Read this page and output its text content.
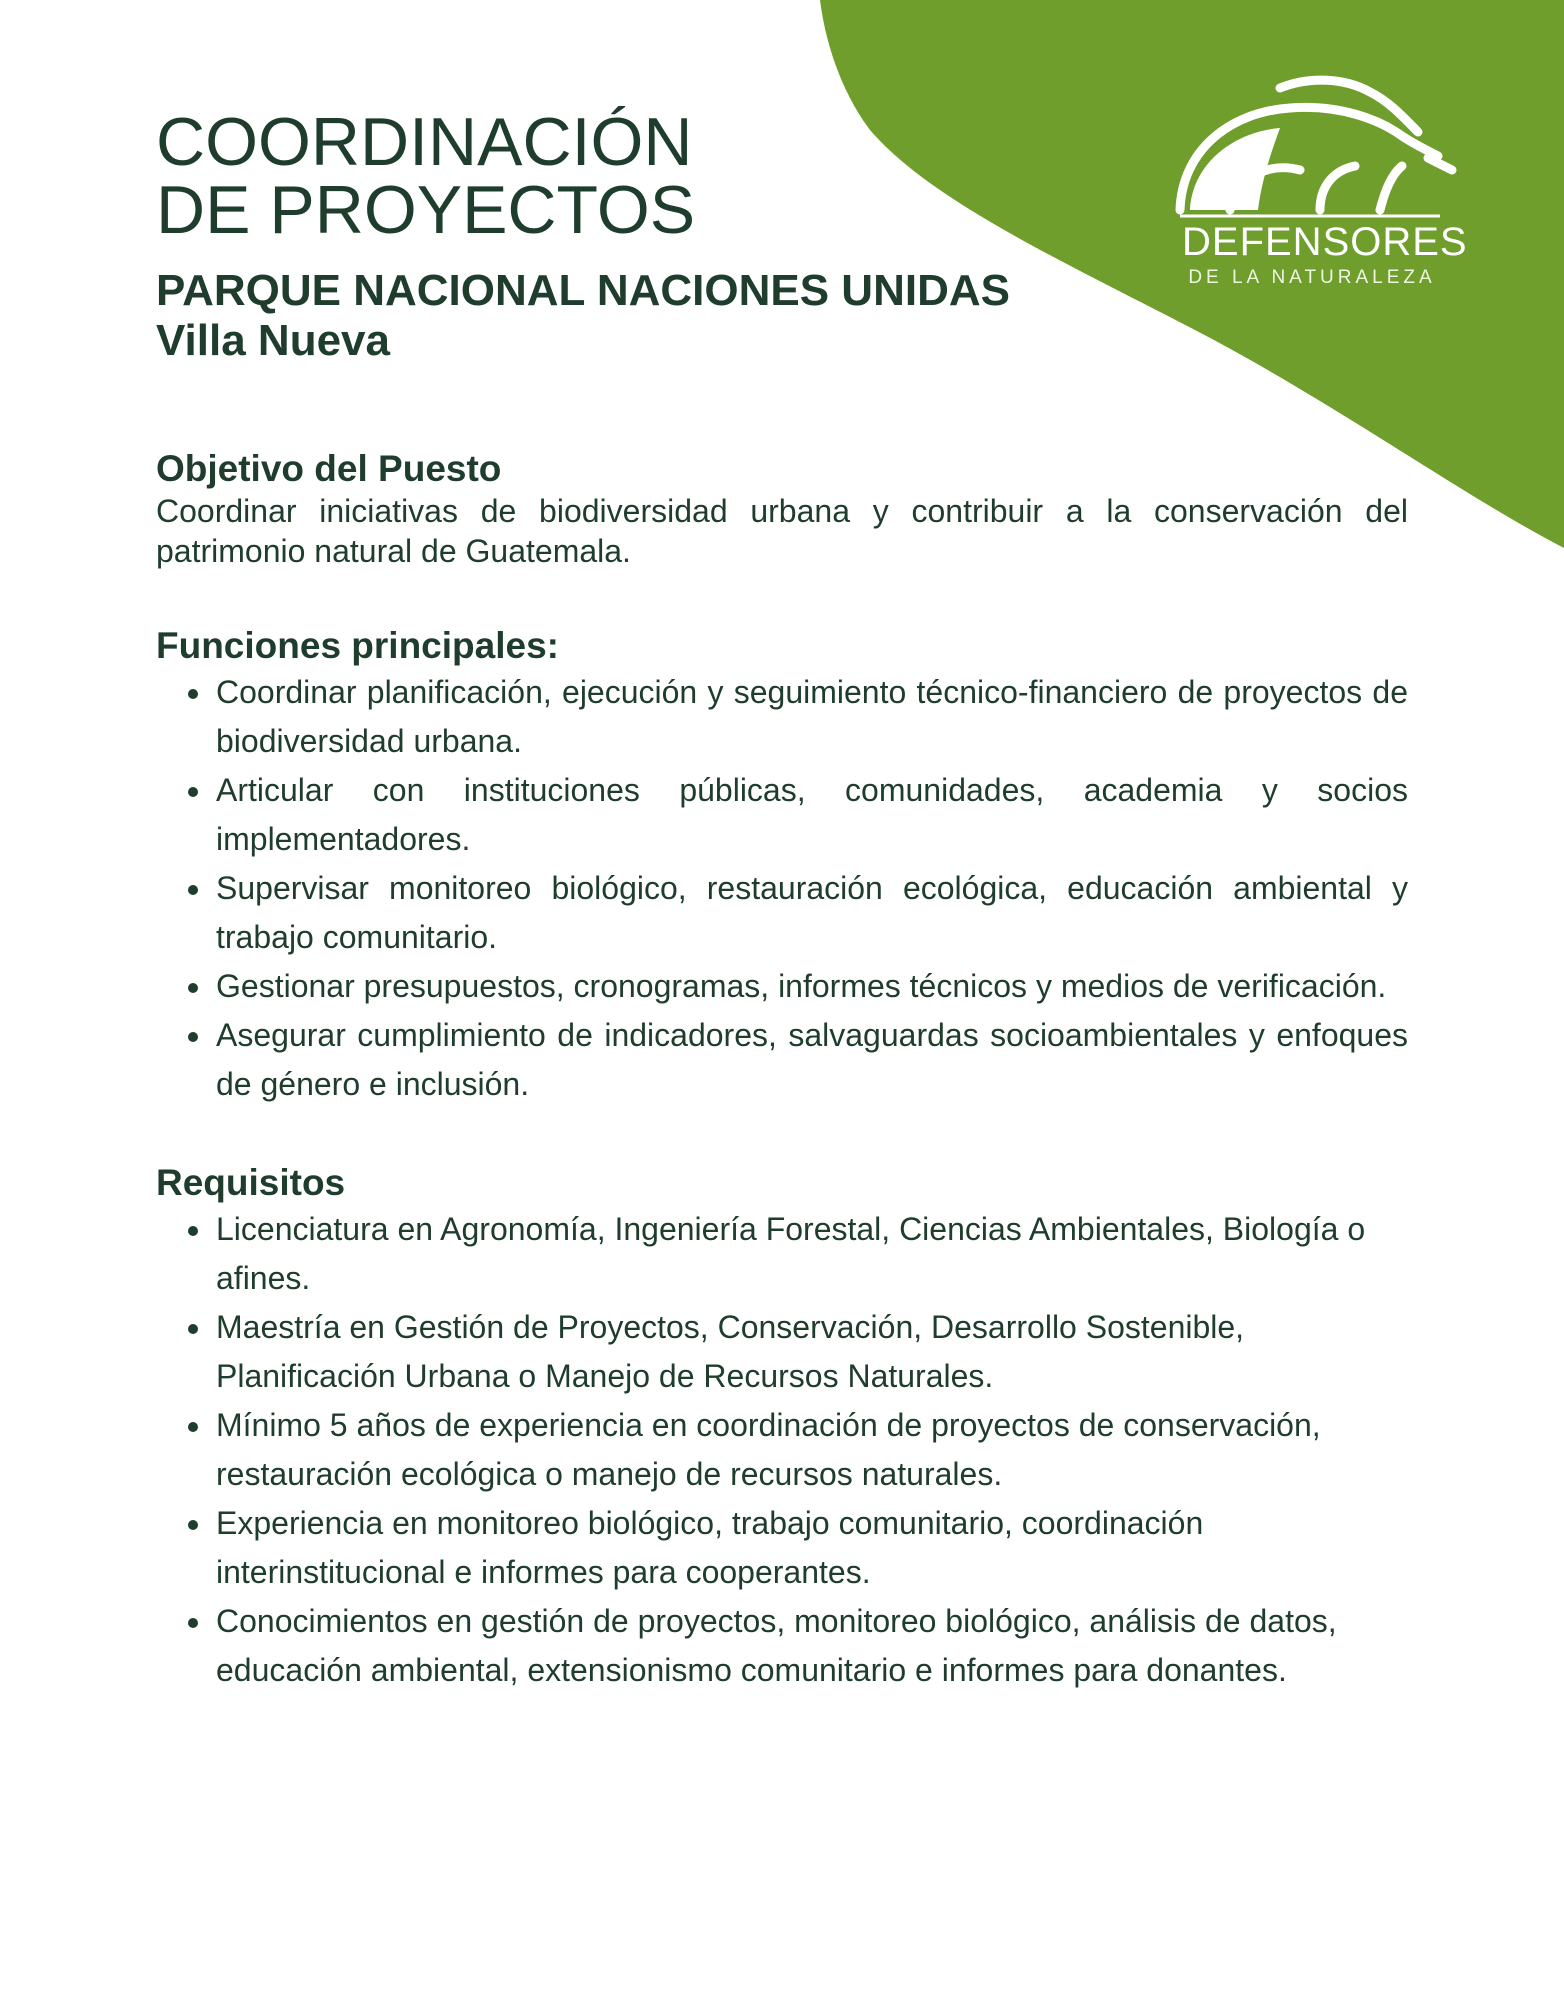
DEFENSORES
DE LA NATURALEZA
COORDINACIÓN
DE PROYECTOS
PARQUE NACIONAL NACIONES UNIDAS
Villa Nueva
Objetivo del Puesto

Coordinar iniciativas de biodiversidad urbana y contribuir a la conservación del patrimonio natural de Guatemala.

Funciones principales:
Coordinar planificación, ejecución y seguimiento técnico-financiero de proyectos de biodiversidad urbana.
Articular con instituciones públicas, comunidades, academia y socios implementadores.
Supervisar monitoreo biológico, restauración ecológica, educación ambiental y trabajo comunitario.
Gestionar presupuestos, cronogramas, informes técnicos y medios de verificación.
Asegurar cumplimiento de indicadores, salvaguardas socioambientales y enfoques de género e inclusión.
Requisitos
Licenciatura en Agronomía, Ingeniería Forestal, Ciencias Ambientales, Biología o afines.
Maestría en Gestión de Proyectos, Conservación, Desarrollo Sostenible, Planificación Urbana o Manejo de Recursos Naturales.
Mínimo 5 años de experiencia en coordinación de proyectos de conservación, restauración ecológica o manejo de recursos naturales.
Experiencia en monitoreo biológico, trabajo comunitario, coordinación interinstitucional e informes para cooperantes.
Conocimientos en gestión de proyectos, monitoreo biológico, análisis de datos, educación ambiental, extensionismo comunitario e informes para donantes.
